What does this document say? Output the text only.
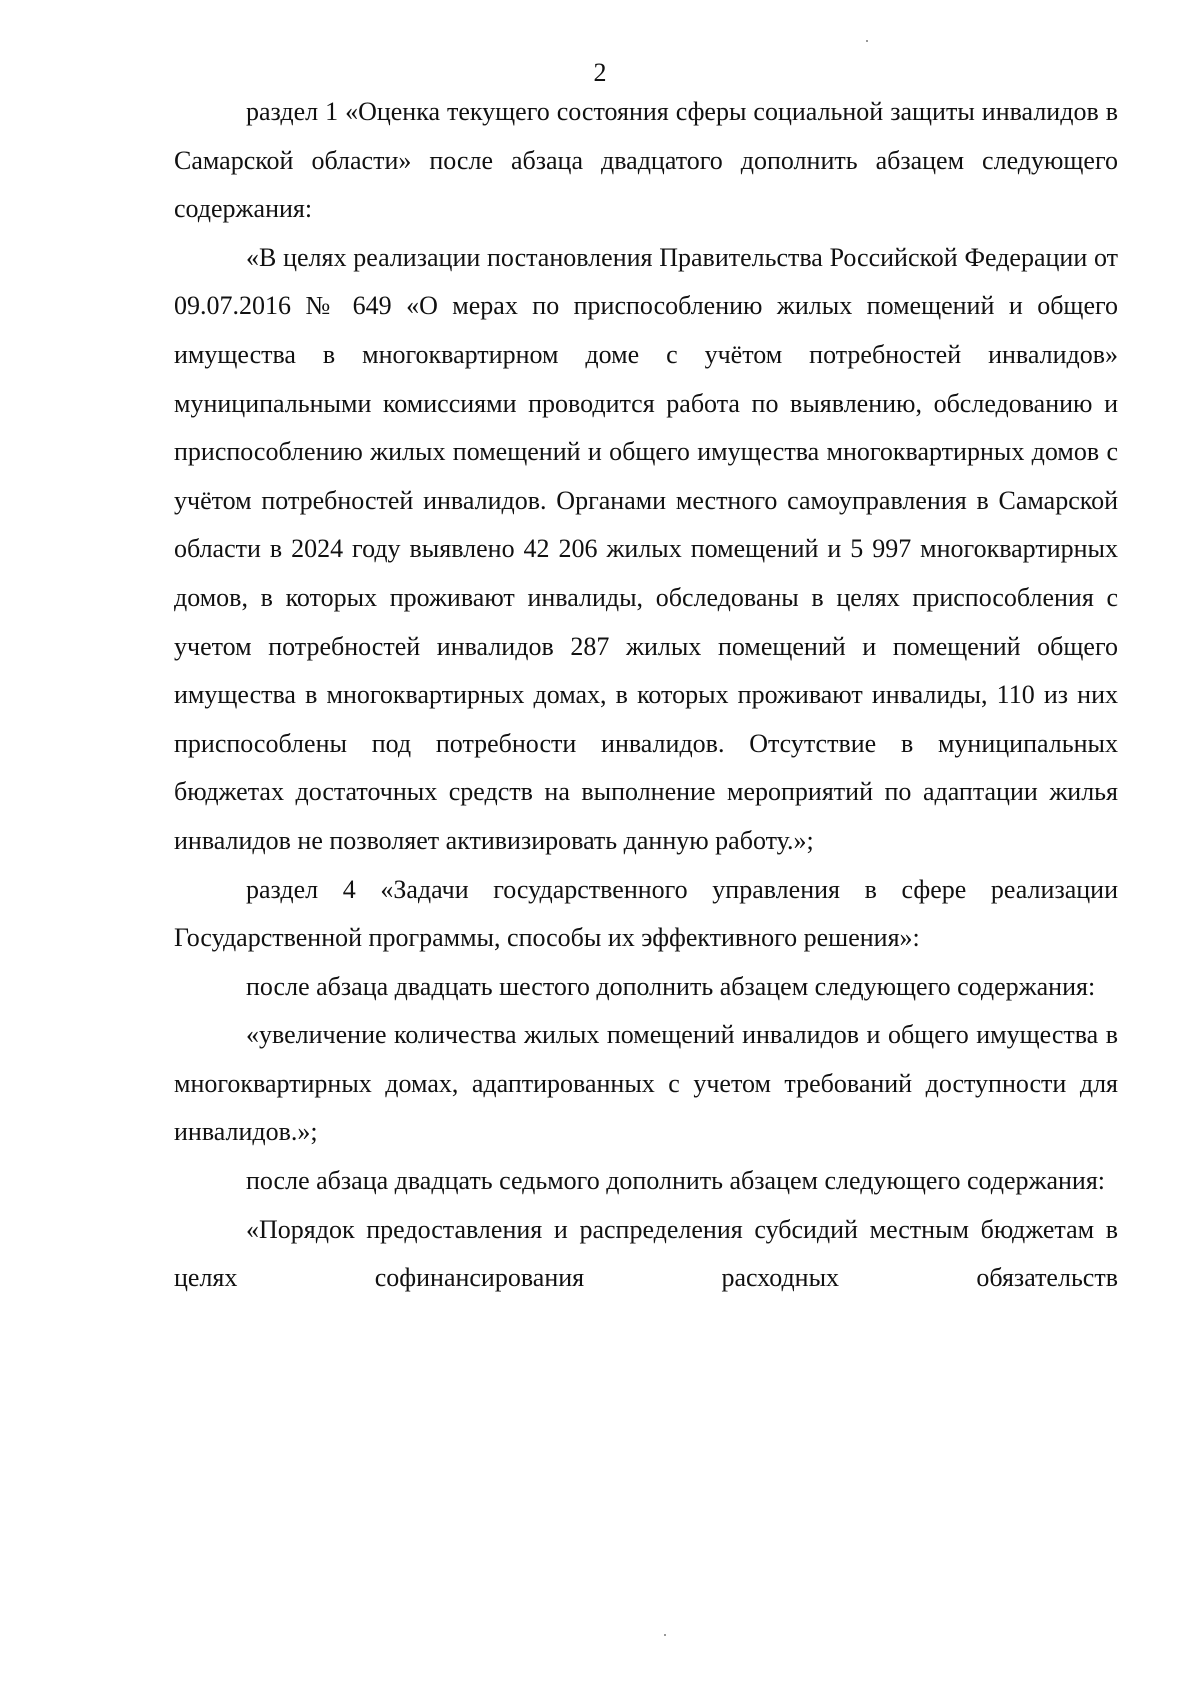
2

раздел 1 «Оценка текущего состояния сферы социальной защиты инвалидов в Самарской области» после абзаца двадцатого дополнить абзацем следующего содержания:

«В целях реализации постановления Правительства Российской Федерации от 09.07.2016 № 649 «О мерах по приспособлению жилых помещений и общего имущества в многоквартирном доме с учётом потребностей инвалидов» муниципальными комиссиями проводится работа по выявлению, обследованию и приспособлению жилых помещений и общего имущества многоквартирных домов с учётом потребностей инвалидов. Органами местного самоуправления в Самарской области в 2024 году выявлено 42 206 жилых помещений и 5 997 многоквартирных домов, в которых проживают инвалиды, обследованы в целях приспособления с учетом потребностей инвалидов 287 жилых помещений и помещений общего имущества в многоквартирных домах, в которых проживают инвалиды, 110 из них приспособлены под потребности инвалидов. Отсутствие в муниципальных бюджетах достаточных средств на выполнение мероприятий по адаптации жилья инвалидов не позволяет активизировать данную работу.»;

раздел 4 «Задачи государственного управления в сфере реализации Государственной программы, способы их эффективного решения»:

после абзаца двадцать шестого дополнить абзацем следующего содержания:

«увеличение количества жилых помещений инвалидов и общего имущества в многоквартирных домах, адаптированных с учетом требований доступности для инвалидов.»;

после абзаца двадцать седьмого дополнить абзацем следующего содержания:

«Порядок предоставления и распределения субсидий местным бюджетам в целях софинансирования расходных обязательств
